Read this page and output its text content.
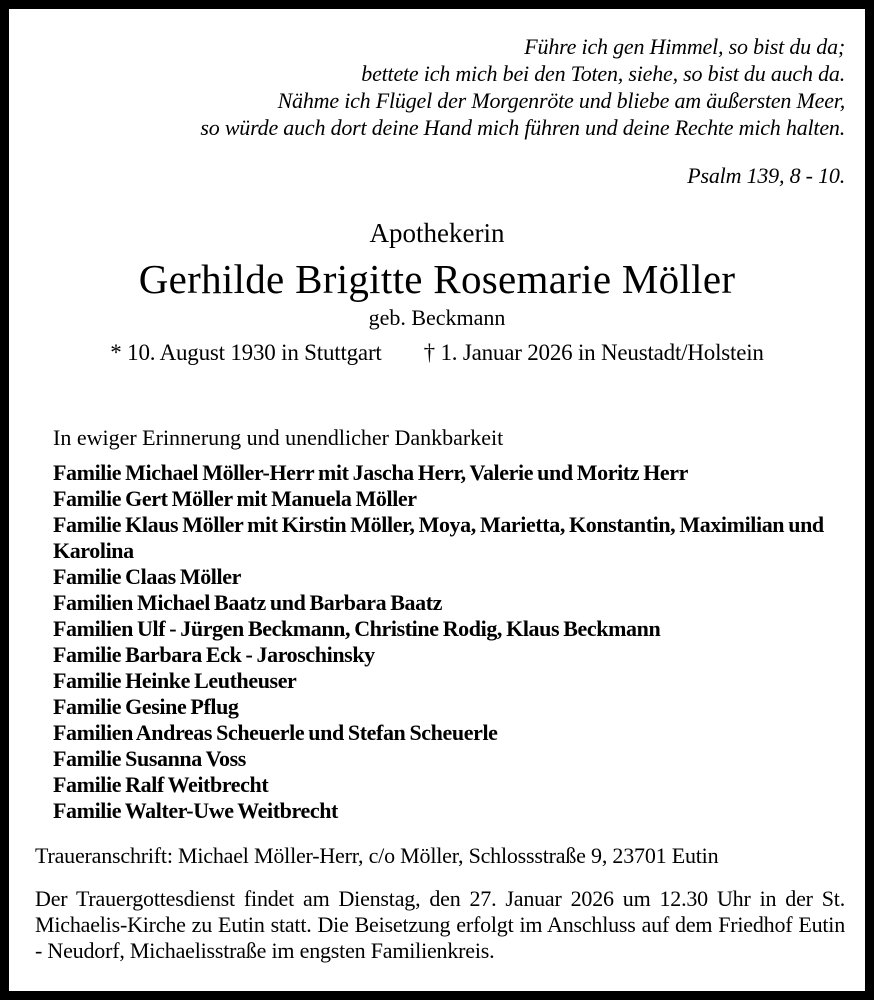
Führe ich gen Himmel, so bist du da;
bettete ich mich bei den Toten, siehe, so bist du auch da.
Nähme ich Flügel der Morgenröte und bliebe am äußersten Meer,
so würde auch dort deine Hand mich führen und deine Rechte mich halten.
Psalm 139, 8 - 10.
Apothekerin
Gerhilde Brigitte Rosemarie Möller
geb. Beckmann
* 10. August 1930 in Stuttgart † 1. Januar 2026 in Neustadt/Holstein
In ewiger Erinnerung und unendlicher Dankbarkeit
Familie Michael Möller-Herr mit Jascha Herr, Valerie und Moritz Herr
Familie Gert Möller mit Manuela Möller
Familie Klaus Möller mit Kirstin Möller, Moya, Marietta, Konstantin, Maximilian und Karolina
Familie Claas Möller
Familien Michael Baatz und Barbara Baatz
Familien Ulf - Jürgen Beckmann, Christine Rodig, Klaus Beckmann
Familie Barbara Eck - Jaroschinsky
Familie Heinke Leutheuser
Familie Gesine Pflug
Familien Andreas Scheuerle und Stefan Scheuerle
Familie Susanna Voss
Familie Ralf Weitbrecht
Familie Walter-Uwe Weitbrecht
Traueranschrift: Michael Möller-Herr, c/o Möller, Schlossstraße 9, 23701 Eutin
Der Trauergottesdienst findet am Dienstag, den 27. Januar 2026 um 12.30 Uhr in der St. Michaelis-Kirche zu Eutin statt. Die Beisetzung erfolgt im Anschluss auf dem Friedhof Eutin - Neudorf, Michaelisstraße im engsten Familienkreis.
